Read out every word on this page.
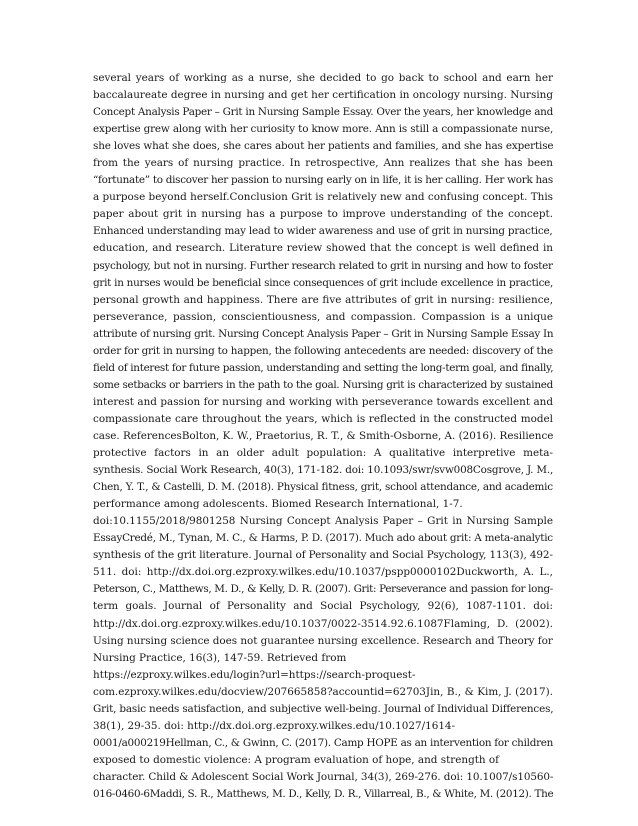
several years of working as a nurse, she decided to go back to school and earn her
baccalaureate degree in nursing and get her certification in oncology nursing. Nursing
Concept Analysis Paper – Grit in Nursing Sample Essay. Over the years, her knowledge and
expertise grew along with her curiosity to know more. Ann is still a compassionate nurse,
she loves what she does, she cares about her patients and families, and she has expertise
from the years of nursing practice. In retrospective, Ann realizes that she has been
“fortunate” to discover her passion to nursing early on in life, it is her calling. Her work has
a purpose beyond herself.Conclusion Grit is relatively new and confusing concept. This
paper about grit in nursing has a purpose to improve understanding of the concept.
Enhanced understanding may lead to wider awareness and use of grit in nursing practice,
education, and research. Literature review showed that the concept is well defined in
psychology, but not in nursing. Further research related to grit in nursing and how to foster
grit in nurses would be beneficial since consequences of grit include excellence in practice,
personal growth and happiness. There are five attributes of grit in nursing: resilience,
perseverance, passion, conscientiousness, and compassion. Compassion is a unique
attribute of nursing grit. Nursing Concept Analysis Paper – Grit in Nursing Sample Essay In
order for grit in nursing to happen, the following antecedents are needed: discovery of the
field of interest for future passion, understanding and setting the long-term goal, and finally,
some setbacks or barriers in the path to the goal. Nursing grit is characterized by sustained
interest and passion for nursing and working with perseverance towards excellent and
compassionate care throughout the years, which is reflected in the constructed model
case. ReferencesBolton, K. W., Praetorius, R. T., & Smith-Osborne, A. (2016). Resilience
protective factors in an older adult population: A qualitative interpretive meta-
synthesis. Social Work Research, 40(3), 171-182. doi: 10.1093/swr/svw008Cosgrove, J. M.,
Chen, Y. T., & Castelli, D. M. (2018). Physical fitness, grit, school attendance, and academic
performance among adolescents. Biomed Research International, 1-7.
doi:10.1155/2018/9801258 Nursing Concept Analysis Paper – Grit in Nursing Sample
EssayCredé, M., Tynan, M. C., & Harms, P. D. (2017). Much ado about grit: A meta-analytic
synthesis of the grit literature. Journal of Personality and Social Psychology, 113(3), 492-
511. doi: http://dx.doi.org.ezproxy.wilkes.edu/10.1037/pspp0000102Duckworth, A. L.,
Peterson, C., Matthews, M. D., & Kelly, D. R. (2007). Grit: Perseverance and passion for long-
term goals. Journal of Personality and Social Psychology, 92(6), 1087-1101. doi:
http://dx.doi.org.ezproxy.wilkes.edu/10.1037/0022-3514.92.6.1087Flaming, D. (2002).
Using nursing science does not guarantee nursing excellence. Research and Theory for
Nursing Practice, 16(3), 147-59. Retrieved from
https://ezproxy.wilkes.edu/login?url=https://search-proquest-
com.ezproxy.wilkes.edu/docview/207665858?accountid=62703Jin, B., & Kim, J. (2017).
Grit, basic needs satisfaction, and subjective well-being. Journal of Individual Differences,
38(1), 29-35. doi: http://dx.doi.org.ezproxy.wilkes.edu/10.1027/1614-
0001/a000219Hellman, C., & Gwinn, C. (2017). Camp HOPE as an intervention for children
exposed to domestic violence: A program evaluation of hope, and strength of
character. Child & Adolescent Social Work Journal, 34(3), 269-276. doi: 10.1007/s10560-
016-0460-6Maddi, S. R., Matthews, M. D., Kelly, D. R., Villarreal, B., & White, M. (2012). The
